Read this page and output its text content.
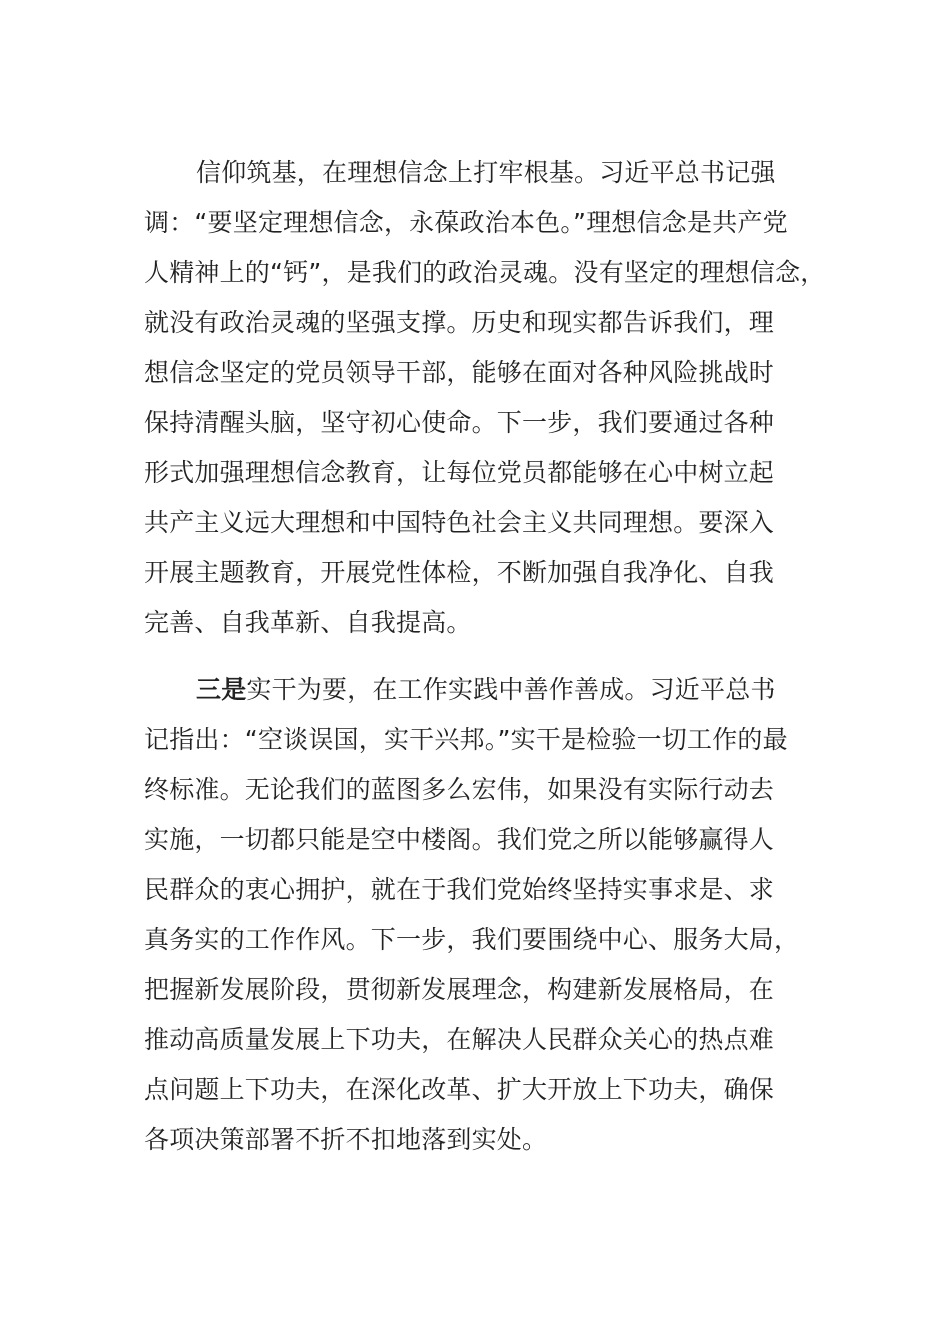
信仰筑基，在理想信念上打牢根基。习近平总书记强
调：“要坚定理想信念，永葆政治本色。”理想信念是共产党
人精神上的“钙”，是我们的政治灵魂。没有坚定的理想信念，
就没有政治灵魂的坚强支撑。历史和现实都告诉我们，理
想信念坚定的党员领导干部，能够在面对各种风险挑战时
保持清醒头脑，坚守初心使命。下一步，我们要通过各种
形式加强理想信念教育，让每位党员都能够在心中树立起
共产主义远大理想和中国特色社会主义共同理想。要深入
开展主题教育，开展党性体检，不断加强自我净化、自我
完善、自我革新、自我提高。
三是实干为要，在工作实践中善作善成。习近平总书
记指出：“空谈误国，实干兴邦。”实干是检验一切工作的最
终标准。无论我们的蓝图多么宏伟，如果没有实际行动去
实施，一切都只能是空中楼阁。我们党之所以能够赢得人
民群众的衷心拥护，就在于我们党始终坚持实事求是、求
真务实的工作作风。下一步，我们要围绕中心、服务大局，
把握新发展阶段，贯彻新发展理念，构建新发展格局，在
推动高质量发展上下功夫，在解决人民群众关心的热点难
点问题上下功夫，在深化改革、扩大开放上下功夫，确保
各项决策部署不折不扣地落到实处。
